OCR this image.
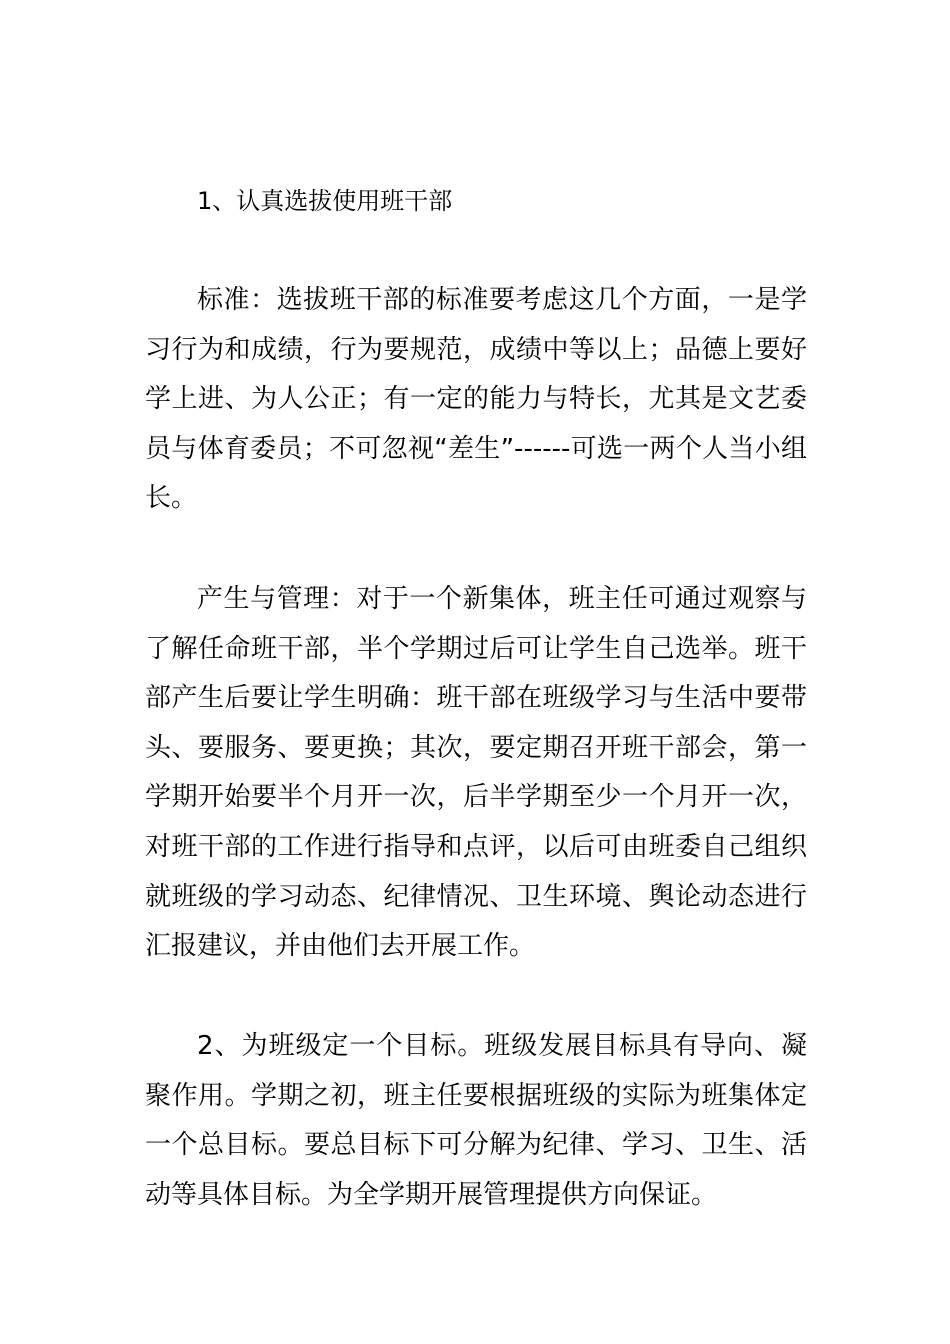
1、认真选拔使用班干部

标准：选拔班干部的标准要考虑这几个方面，一是学习行为和成绩，行为要规范，成绩中等以上；品德上要好学上进、为人公正；有一定的能力与特长，尤其是文艺委员与体育委员；不可忽视“差生”------可选一两个人当小组长。

产生与管理：对于一个新集体，班主任可通过观察与了解任命班干部，半个学期过后可让学生自己选举。班干部产生后要让学生明确：班干部在班级学习与生活中要带头、要服务、要更换；其次，要定期召开班干部会，第一学期开始要半个月开一次，后半学期至少一个月开一次，对班干部的工作进行指导和点评，以后可由班委自己组织就班级的学习动态、纪律情况、卫生环境、舆论动态进行汇报建议，并由他们去开展工作。

2、为班级定一个目标。班级发展目标具有导向、凝聚作用。学期之初，班主任要根据班级的实际为班集体定一个总目标。要总目标下可分解为纪律、学习、卫生、活动等具体目标。为全学期开展管理提供方向保证。
